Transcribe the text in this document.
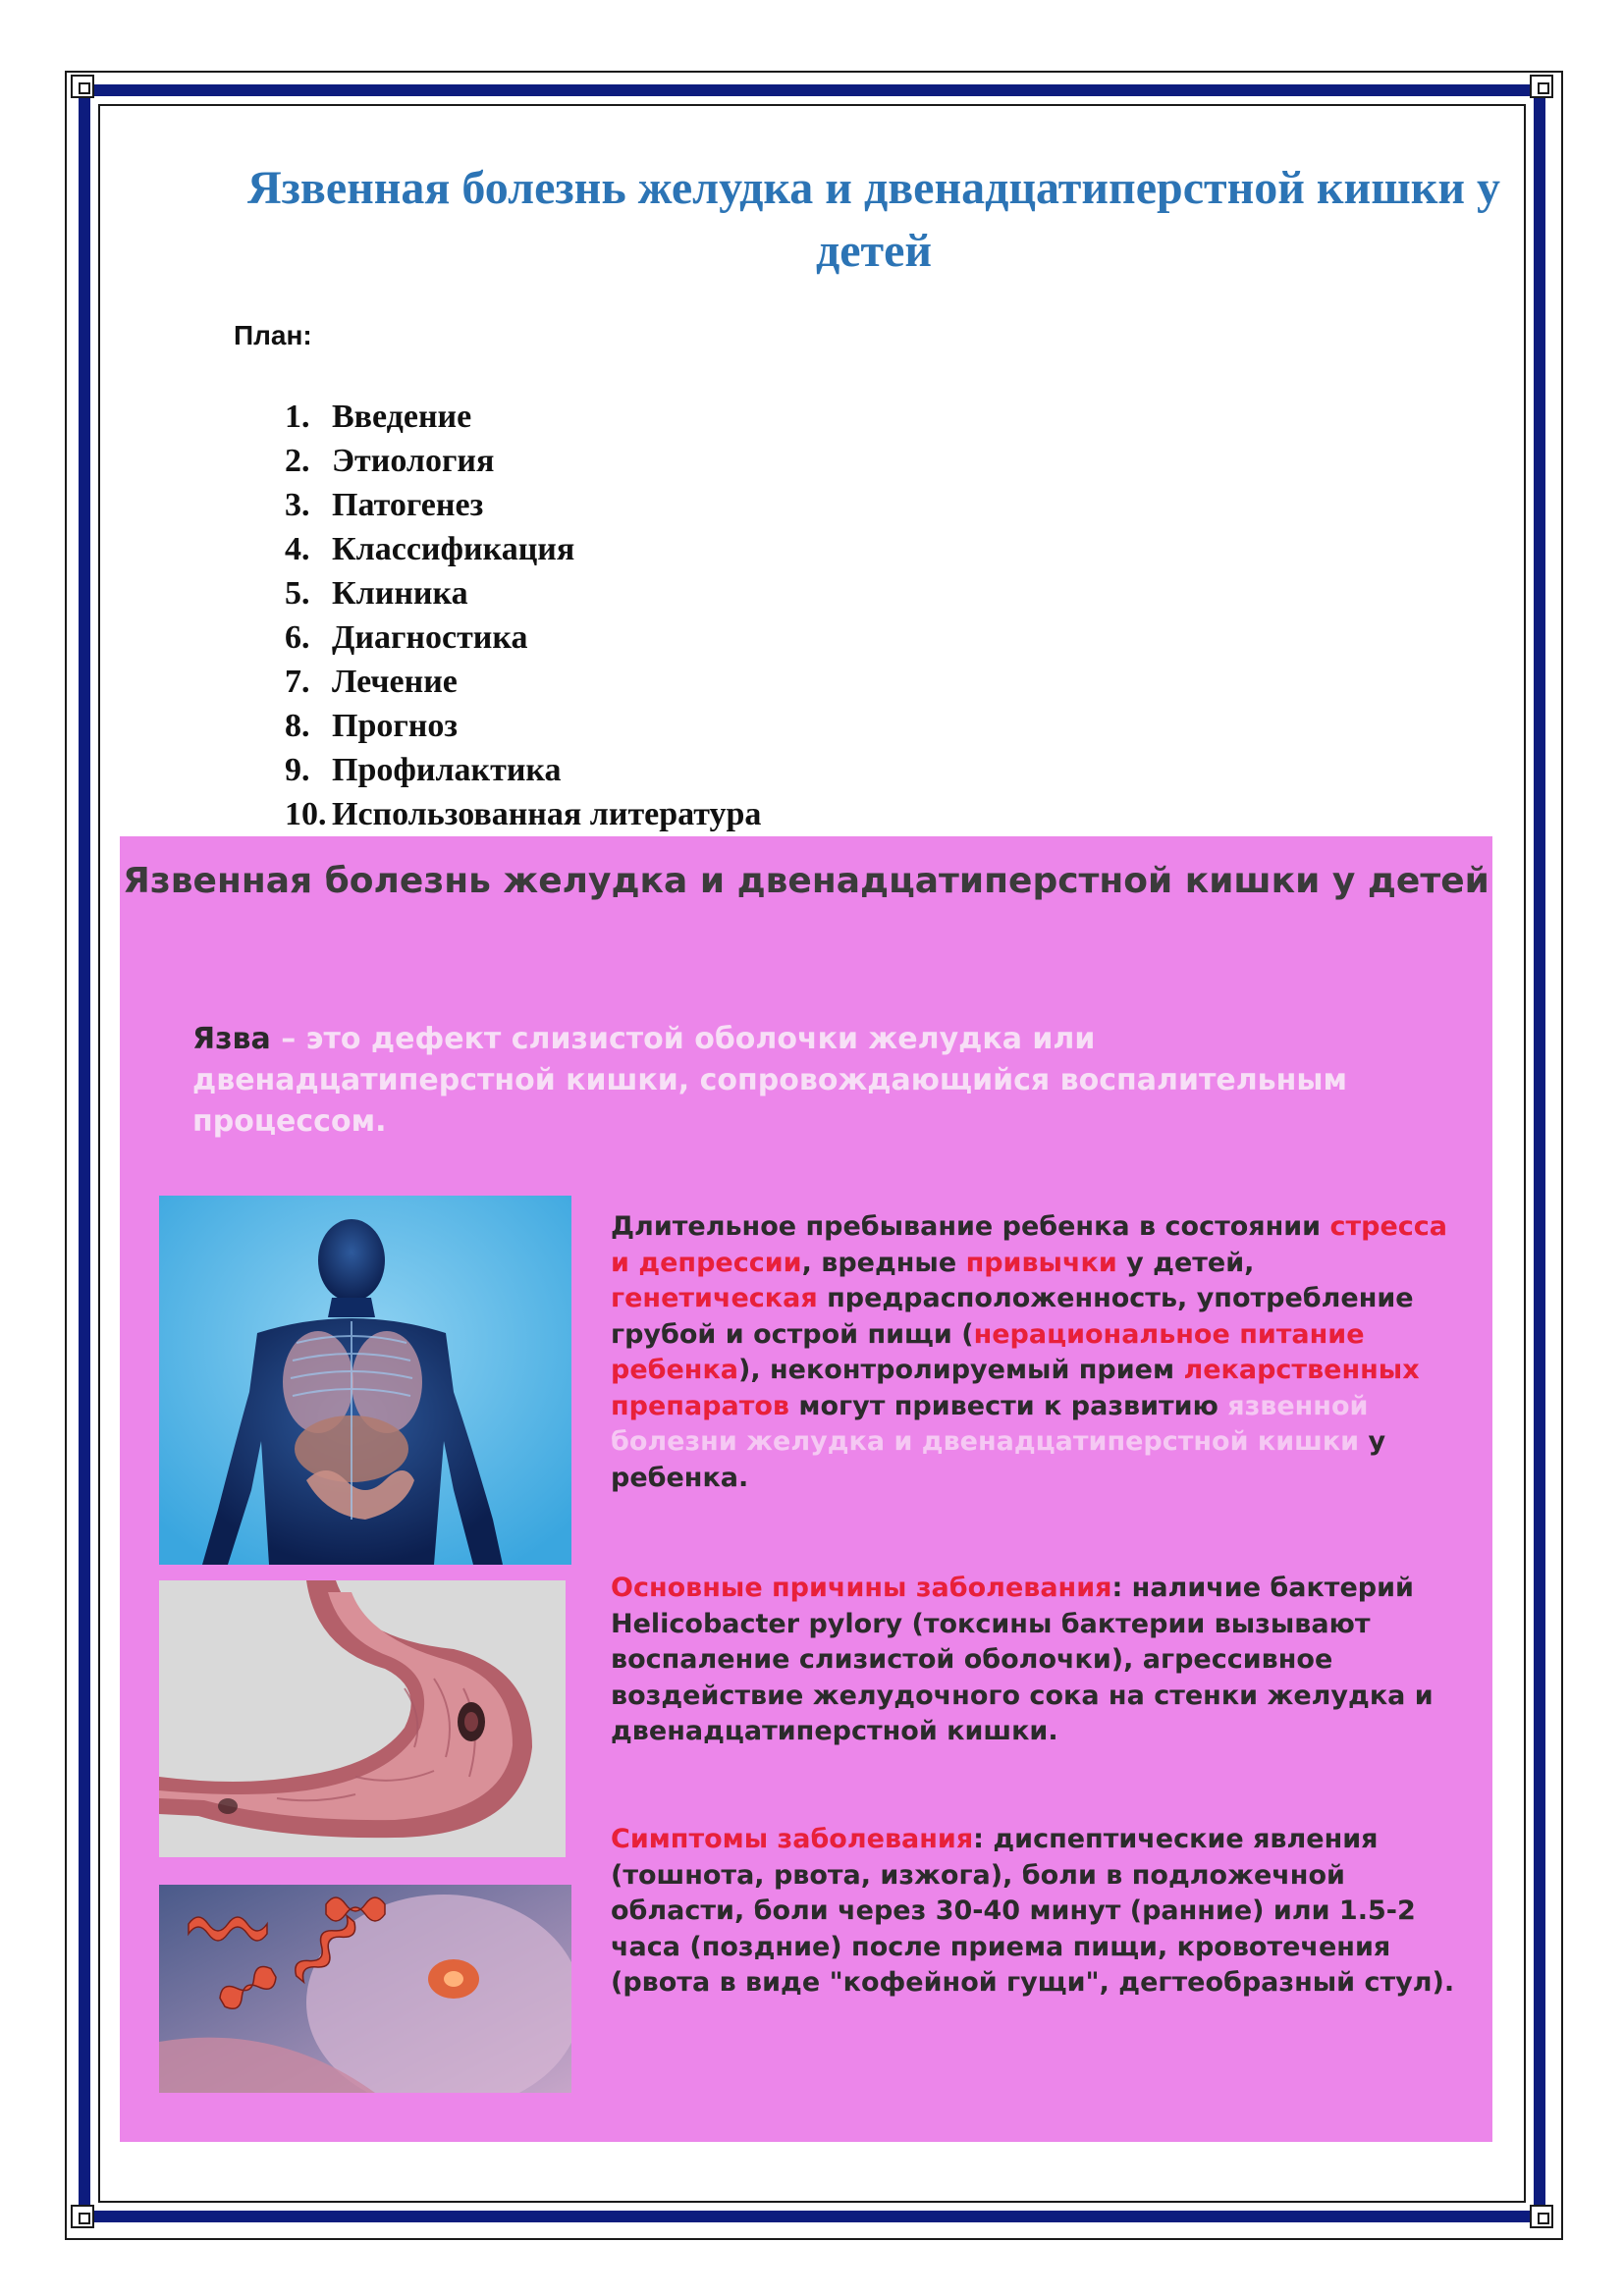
Язвенная болезнь желудка и двенадцатиперстной кишки у детей
План:
1. Введение
2. Этиология
3. Патогенез
4. Классификация
5. Клиника
6. Диагностика
7. Лечение
8. Прогноз
9. Профилактика
10. Использованная литература
Язвенная болезнь желудка и двенадцатиперстной кишки у детей
Язва – это дефект слизистой оболочки желудка или двенадцатиперстной кишки, сопровождающийся воспалительным процессом.
Длительное пребывание ребенка в состоянии стресса и депрессии, вредные привычки у детей, генетическая предрасположенность, употребление грубой и острой пищи (нерациональное питание ребенка), неконтролируемый прием лекарственных препаратов могут привести к развитию язвенной болезни желудка и двенадцатиперстной кишки у ребенка.
Основные причины заболевания: наличие бактерий Helicobacter pylory (токсины бактерии вызывают воспаление слизистой оболочки), агрессивное воздействие желудочного сока на стенки желудка и двенадцатиперстной кишки.
Симптомы заболевания: диспептические явления (тошнота, рвота, изжога), боли в подложечной области, боли через 30-40 минут (ранние) или 1.5-2 часа (поздние) после приема пищи, кровотечения (рвота в виде "кофейной гущи", дегтеобразный стул).
